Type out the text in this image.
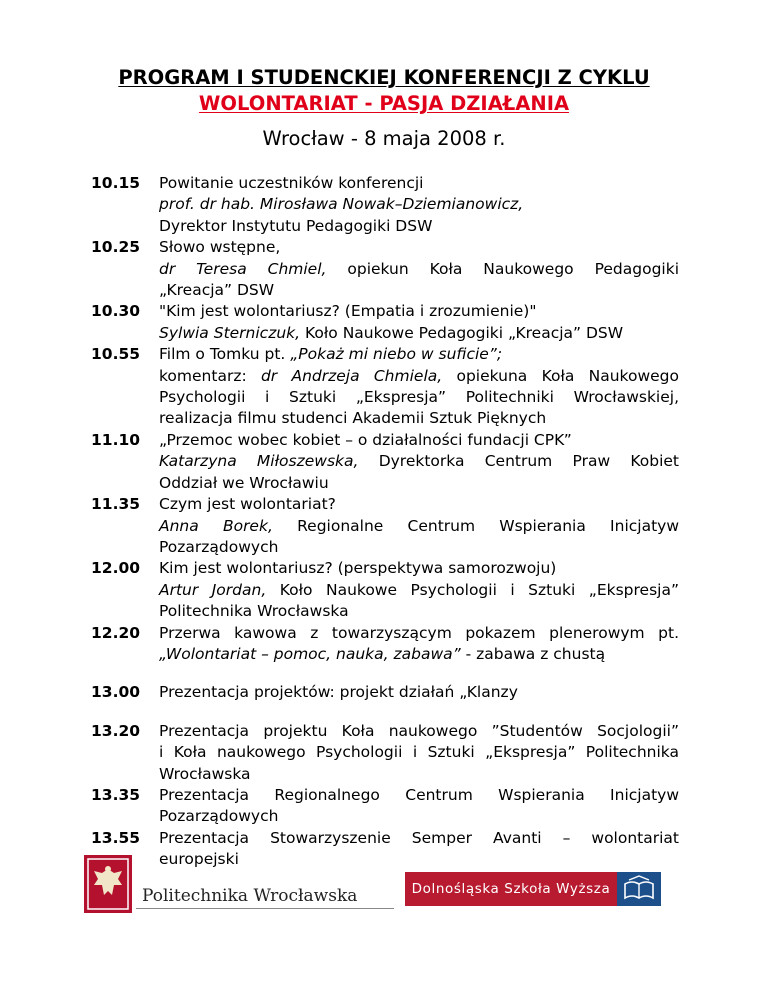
PROGRAM I STUDENCKIEJ KONFERENCJI Z CYKLU
WOLONTARIAT - PASJA DZIAŁANIA
Wrocław - 8 maja 2008 r.
10.15 Powitanie uczestników konferencji
prof. dr hab. Mirosława Nowak–Dziemianowicz,
Dyrektor Instytutu Pedagogiki DSW
10.25 Słowo wstępne,
dr Teresa Chmiel, opiekun Koła Naukowego Pedagogiki
„Kreacja” DSW
10.30 "Kim jest wolontariusz? (Empatia i zrozumienie)"
Sylwia Sterniczuk, Koło Naukowe Pedagogiki „Kreacja” DSW
10.55 Film o Tomku pt. „Pokaż mi niebo w suficie”;
komentarz: dr Andrzeja Chmiela, opiekuna Koła Naukowego
Psychologii i Sztuki „Ekspresja” Politechniki Wrocławskiej,
realizacja filmu studenci Akademii Sztuk Pięknych
11.10 „Przemoc wobec kobiet – o działalności fundacji CPK”
Katarzyna Miłoszewska, Dyrektorka Centrum Praw Kobiet
Oddział we Wrocławiu
11.35 Czym jest wolontariat?
Anna Borek, Regionalne Centrum Wspierania Inicjatyw
Pozarządowych
12.00 Kim jest wolontariusz? (perspektywa samorozwoju)
Artur Jordan, Koło Naukowe Psychologii i Sztuki „Ekspresja”
Politechnika Wrocławska
12.20 Przerwa kawowa z towarzyszącym pokazem plenerowym pt.
„Wolontariat – pomoc, nauka, zabawa” - zabawa z chustą
13.00 Prezentacja projektów: projekt działań „Klanzy
13.20 Prezentacja projektu Koła naukowego ”Studentów Socjologii”
i Koła naukowego Psychologii i Sztuki „Ekspresja” Politechnika
Wrocławska
13.35 Prezentacja Regionalnego Centrum Wspierania Inicjatyw
Pozarządowych
13.55 Prezentacja Stowarzyszenie Semper Avanti – wolontariat
europejski
Politechnika Wrocławska	Dolnośląska Szkoła Wyższa
